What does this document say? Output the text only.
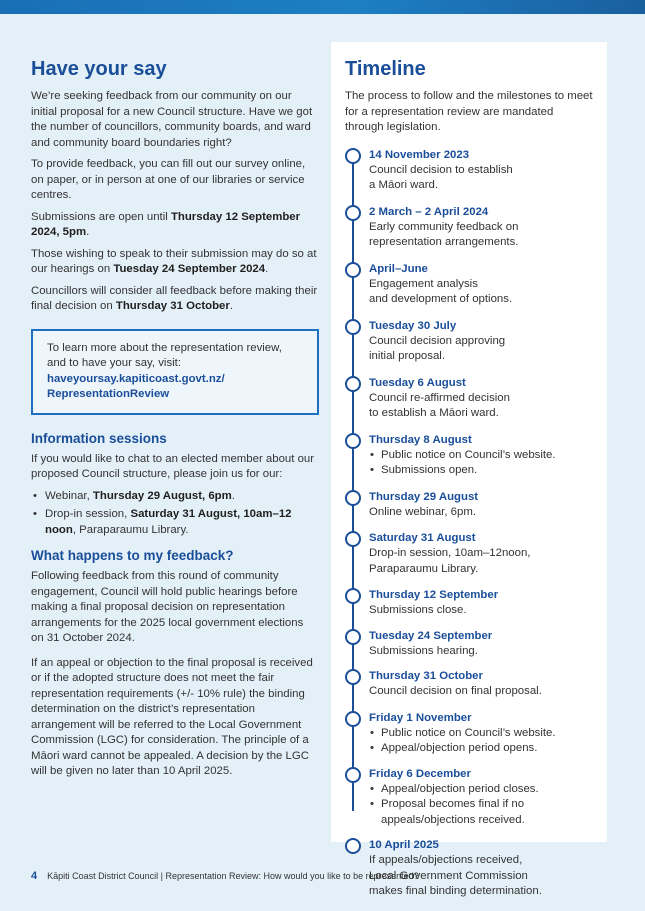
Have your say

We’re seeking feedback from our community on our initial proposal for a new Council structure. Have we got the number of councillors, community boards, and ward and community board boundaries right?

To provide feedback, you can fill out our survey online, on paper, or in person at one of our libraries or service centres.

Submissions are open until Thursday 12 September 2024, 5pm.

Those wishing to speak to their submission may do so at our hearings on Tuesday 24 September 2024.

Councillors will consider all feedback before making their final decision on Thursday 31 October.

To learn more about the representation review, and to have your say, visit:

haveyoursay.kapiticoast.govt.nz/
RepresentationReview
Information sessions

If you would like to chat to an elected member about our proposed Council structure, please join us for our:

• Webinar, Thursday 29 August, 6pm.
• Drop-in session, Saturday 31 August, 10am–12 noon, Paraparaumu Library.
What happens to my feedback?

Following feedback from this round of community engagement, Council will hold public hearings before making a final proposal decision on representation arrangements for the 2025 local government elections on 31 October 2024.

If an appeal or objection to the final proposal is received or if the adopted structure does not meet the fair representation requirements (+/- 10% rule) the binding determination on the district’s representation arrangement will be referred to the Local Government Commission (LGC) for consideration. The principle of a Māori ward cannot be appealed. A decision by the LGC will be given no later than 10 April 2025.

Timeline

The process to follow and the milestones to meet for a representation review are mandated through legislation.

14 November 2023
Council decision to establish
a Māori ward.
2 March – 2 April 2024
Early community feedback on representation arrangements.
April–June
Engagement analysis
and development of options.
Tuesday 30 July
Council decision approving
initial proposal.
Tuesday 6 August
Council re-affirmed decision
to establish a Māori ward.
Thursday 8 August
• Public notice on Council’s website.
• Submissions open.
Thursday 29 August
Online webinar, 6pm.
Saturday 31 August
Drop-in session, 10am–12noon,
Paraparaumu Library.
Thursday 12 September
Submissions close.
Tuesday 24 September
Submissions hearing.
Thursday 31 October
Council decision on final proposal.
Friday 1 November
• Public notice on Council’s website.
• Appeal/objection period opens.
Friday 6 December
• Appeal/objection period closes.
• Proposal becomes final if no appeals/objections received.
10 April 2025
If appeals/objections received,
Local Government Commission
makes final binding determination.
4 Kāpiti Coast District Council | Representation Review: How would you like to be represented?
